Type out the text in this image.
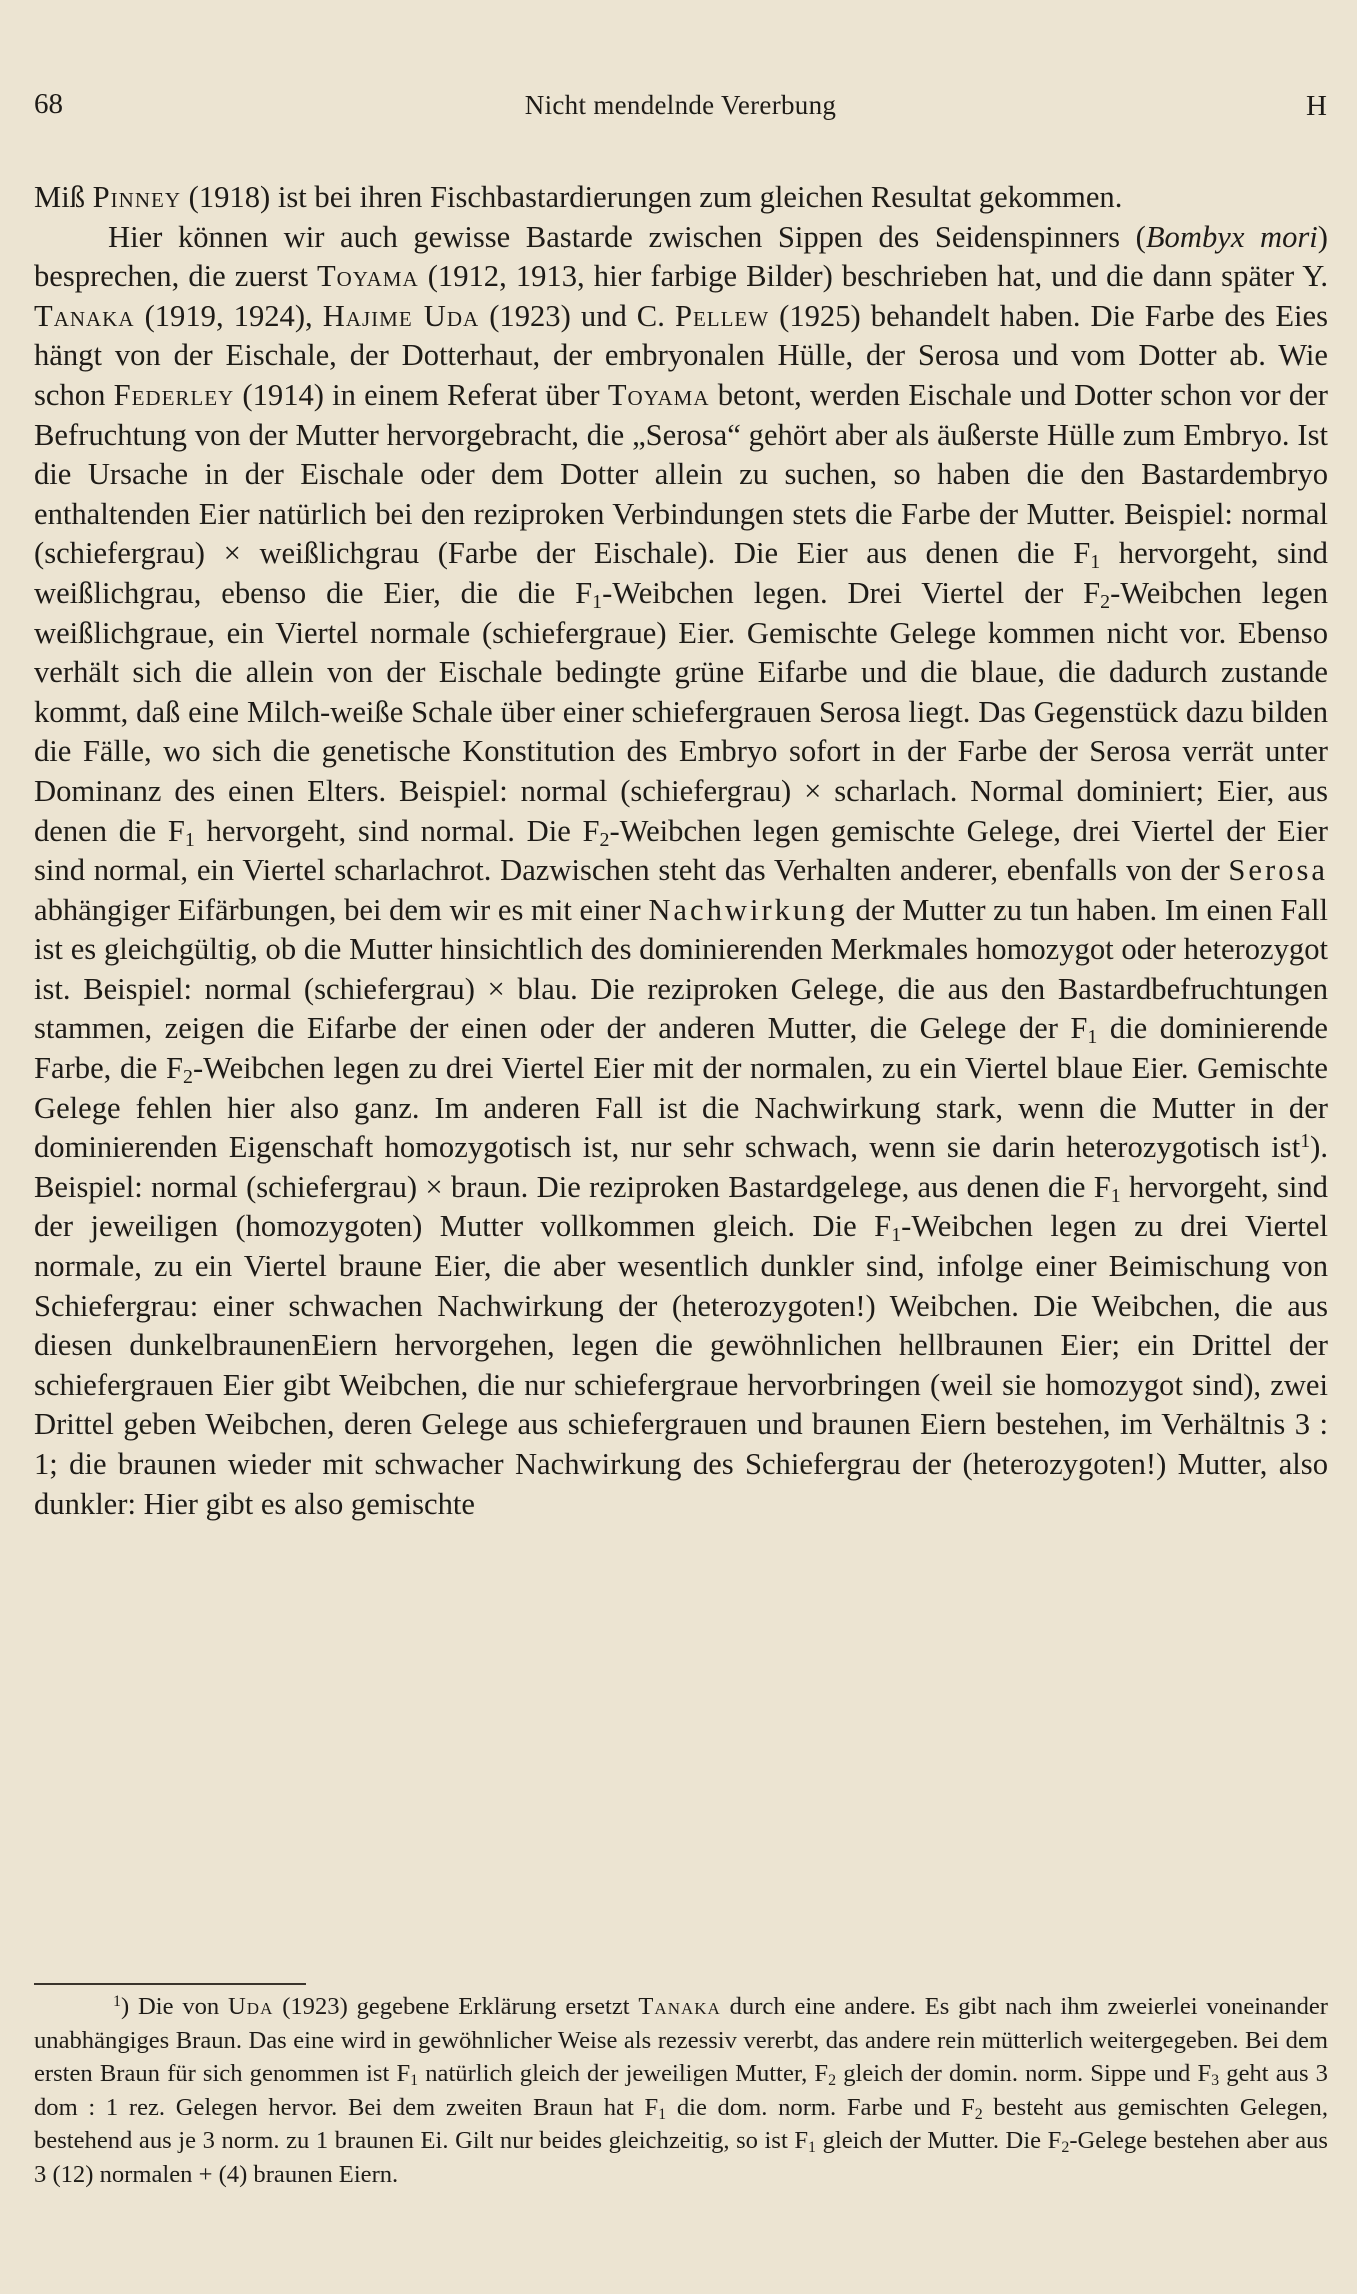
68	Nicht mendelnde Vererbung	H

Miß Pinney (1918) ist bei ihren Fischbastardierungen zum gleichen Resultat gekommen.

Hier können wir auch gewisse Bastarde zwischen Sippen des Seidenspinners (Bombyx mori) besprechen, die zuerst Toyama (1912, 1913, hier farbige Bilder) beschrieben hat, und die dann später Y. Tanaka (1919, 1924), Hajime Uda (1923) und C. Pellew (1925) behandelt haben. Die Farbe des Eies hängt von der Eischale, der Dotterhaut, der embryonalen Hülle, der Serosa und vom Dotter ab. Wie schon Federley (1914) in einem Referat über Toyama betont, werden Eischale und Dotter schon vor der Befruchtung von der Mutter hervorgebracht, die „Serosa“ gehört aber als äußerste Hülle zum Embryo. Ist die Ursache in der Eischale oder dem Dotter allein zu suchen, so haben die den Bastardembryo enthaltenden Eier natürlich bei den reziproken Verbindungen stets die Farbe der Mutter. Beispiel: normal (schiefergrau) × weißlichgrau (Farbe der Eischale). Die Eier aus denen die $F_1$ hervorgeht, sind weißlichgrau, ebenso die Eier, die die $F_1$-Weibchen legen. Drei Viertel der $F_2$-Weibchen legen weißlichgraue, ein Viertel normale (schiefergraue) Eier. Gemischte Gelege kommen nicht vor. Ebenso verhält sich die allein von der Eischale bedingte grüne Eifarbe und die blaue, die dadurch zustande kommt, daß eine Milch-weiße Schale über einer schiefergrauen Serosa liegt. Das Gegenstück dazu bilden die Fälle, wo sich die genetische Konstitution des Embryo sofort in der Farbe der Serosa verrät unter Dominanz des einen Elters. Beispiel: normal (schiefergrau) × scharlach. Normal dominiert; Eier, aus denen die $F_1$ hervorgeht, sind normal. Die $F_2$-Weibchen legen gemischte Gelege, drei Viertel der Eier sind normal, ein Viertel scharlachrot. Dazwischen steht das Verhalten anderer, ebenfalls von der Serosa abhängiger Eifärbungen, bei dem wir es mit einer Nachwirkung der Mutter zu tun haben. Im einen Fall ist es gleichgültig, ob die Mutter hinsichtlich des dominierenden Merkmales homozygot oder heterozygot ist. Beispiel: normal (schiefergrau) × blau. Die reziproken Gelege, die aus den Bastardbefruchtungen stammen, zeigen die Eifarbe der einen oder der anderen Mutter, die Gelege der $F_1$ die dominierende Farbe, die $F_2$-Weibchen legen zu drei Viertel Eier mit der normalen, zu ein Viertel blaue Eier. Gemischte Gelege fehlen hier also ganz. Im anderen Fall ist die Nachwirkung stark, wenn die Mutter in der dominierenden Eigenschaft homozygotisch ist, nur sehr schwach, wenn sie darin heterozygotisch ist$^1$). Beispiel: normal (schiefergrau) × braun. Die reziproken Bastardgelege, aus denen die $F_1$ hervorgeht, sind der jeweiligen (homozygoten) Mutter vollkommen gleich. Die $F_1$-Weibchen legen zu drei Viertel normale, zu ein Viertel braune Eier, die aber wesentlich dunkler sind, infolge einer Beimischung von Schiefergrau: einer schwachen Nachwirkung der (heterozygoten!) Weibchen. Die Weibchen, die aus diesen dunkelbraunenEiern hervorgehen, legen die gewöhnlichen hellbraunen Eier; ein Drittel der schiefergrauen Eier gibt Weibchen, die nur schiefergraue hervorbringen (weil sie homozygot sind), zwei Drittel geben Weibchen, deren Gelege aus schiefergrauen und braunen Eiern bestehen, im Verhältnis 3 : 1; die braunen wieder mit schwacher Nachwirkung des Schiefergrau der (heterozygoten!) Mutter, also dunkler: Hier gibt es also gemischte

$^1$) Die von Uda (1923) gegebene Erklärung ersetzt Tanaka durch eine andere. Es gibt nach ihm zweierlei voneinander unabhängiges Braun. Das eine wird in gewöhnlicher Weise als rezessiv vererbt, das andere rein mütterlich weitergegeben. Bei dem ersten Braun für sich genommen ist $F_1$ natürlich gleich der jeweiligen Mutter, $F_2$ gleich der domin. norm. Sippe und $F_3$ geht aus 3 dom : 1 rez. Gelegen hervor. Bei dem zweiten Braun hat $F_1$ die dom. norm. Farbe und $F_2$ besteht aus gemischten Gelegen, bestehend aus je 3 norm. zu 1 braunen Ei. Gilt nur beides gleichzeitig, so ist $F_1$ gleich der Mutter. Die $F_2$-Gelege bestehen aber aus 3 (12) normalen + (4) braunen Eiern.
